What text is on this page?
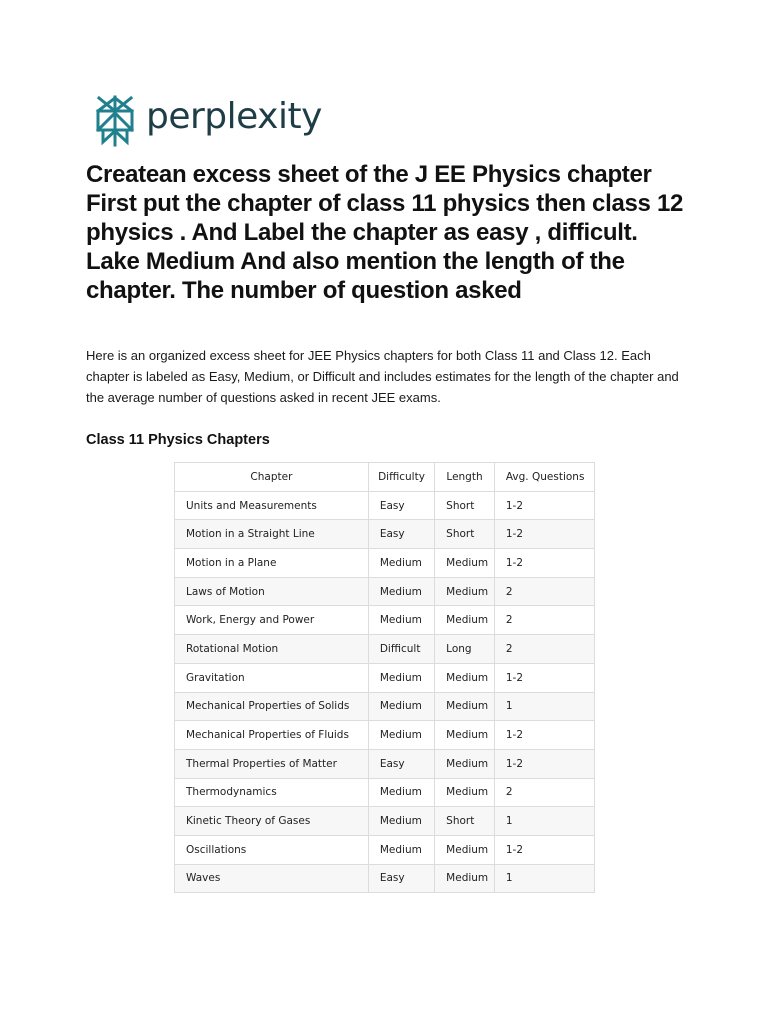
perplexity
Createan excess sheet of the J EE Physics chapter First put the chapter of class 11 physics then class 12 physics . And Label the chapter as easy , difficult. Lake Medium And also mention the length of the chapter. The number of question asked

Here is an organized excess sheet for JEE Physics chapters for both Class 11 and Class 12. Each chapter is labeled as Easy, Medium, or Difficult and includes estimates for the length of the chapter and the average number of questions asked in recent JEE exams.

Class 11 Physics Chapters
Chapter	Difficulty	Length	Avg. Questions
Units and Measurements	Easy	Short	1-2
Motion in a Straight Line	Easy	Short	1-2
Motion in a Plane	Medium	Medium	1-2
Laws of Motion	Medium	Medium	2
Work, Energy and Power	Medium	Medium	2
Rotational Motion	Difficult	Long	2
Gravitation	Medium	Medium	1-2
Mechanical Properties of Solids	Medium	Medium	1
Mechanical Properties of Fluids	Medium	Medium	1-2
Thermal Properties of Matter	Easy	Medium	1-2
Thermodynamics	Medium	Medium	2
Kinetic Theory of Gases	Medium	Short	1
Oscillations	Medium	Medium	1-2
Waves	Easy	Medium	1
